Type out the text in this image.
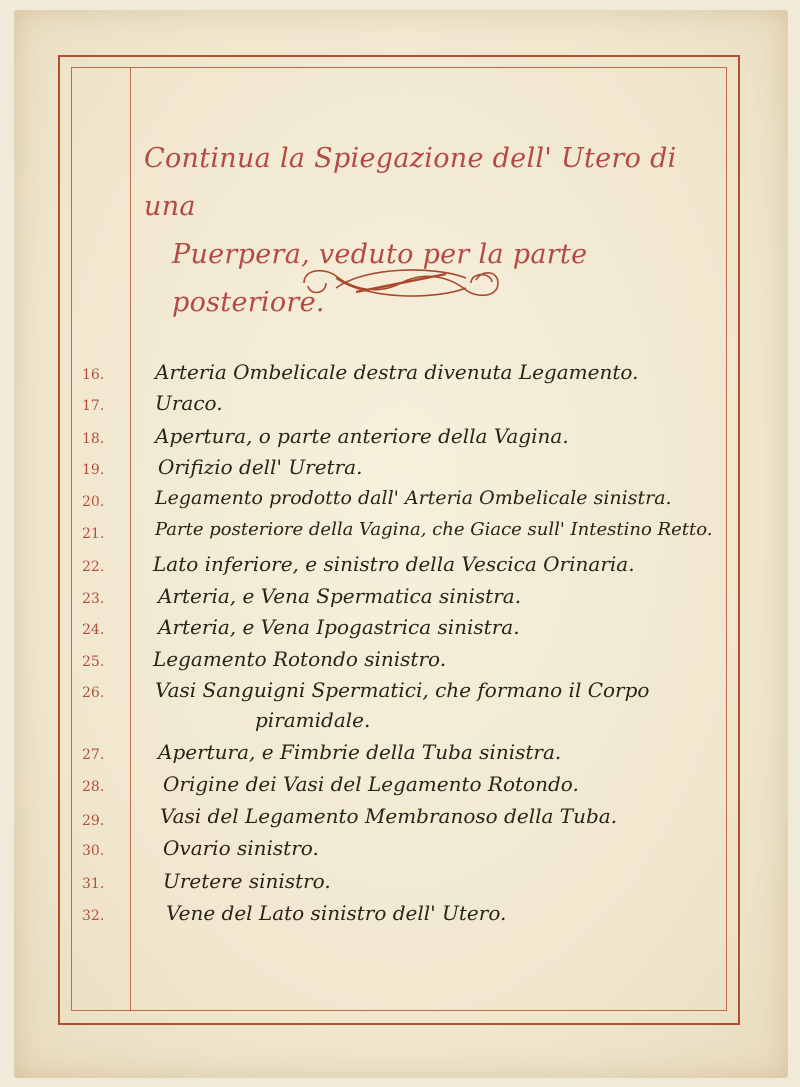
Continua la Spiegazione dell' Utero di una
Puerpera, veduto per la parte posteriore.
16.	Arteria Ombelicale destra divenuta Legamento.
17.	Uraco.
18.	Apertura, o parte anteriore della Vagina.
19.	Orifizio dell' Uretra.
20.	Legamento prodotto dall' Arteria Ombelicale sinistra.
21.	Parte posteriore della Vagina, che Giace sull' Intestino Retto.
22.	Lato inferiore, e sinistro della Vescica Orinaria.
23.	Arteria, e Vena Spermatica sinistra.
24.	Arteria, e Vena Ipogastrica sinistra.
25.	Legamento Rotondo sinistro.
26.	Vasi Sanguigni Spermatici, che formano il Corpo
piramidale.
27.	Apertura, e Fimbrie della Tuba sinistra.
28.	Origine dei Vasi del Legamento Rotondo.
29.	Vasi del Legamento Membranoso della Tuba.
30.	Ovario sinistro.
31.	Uretere sinistro.
32.	Vene del Lato sinistro dell' Utero.
